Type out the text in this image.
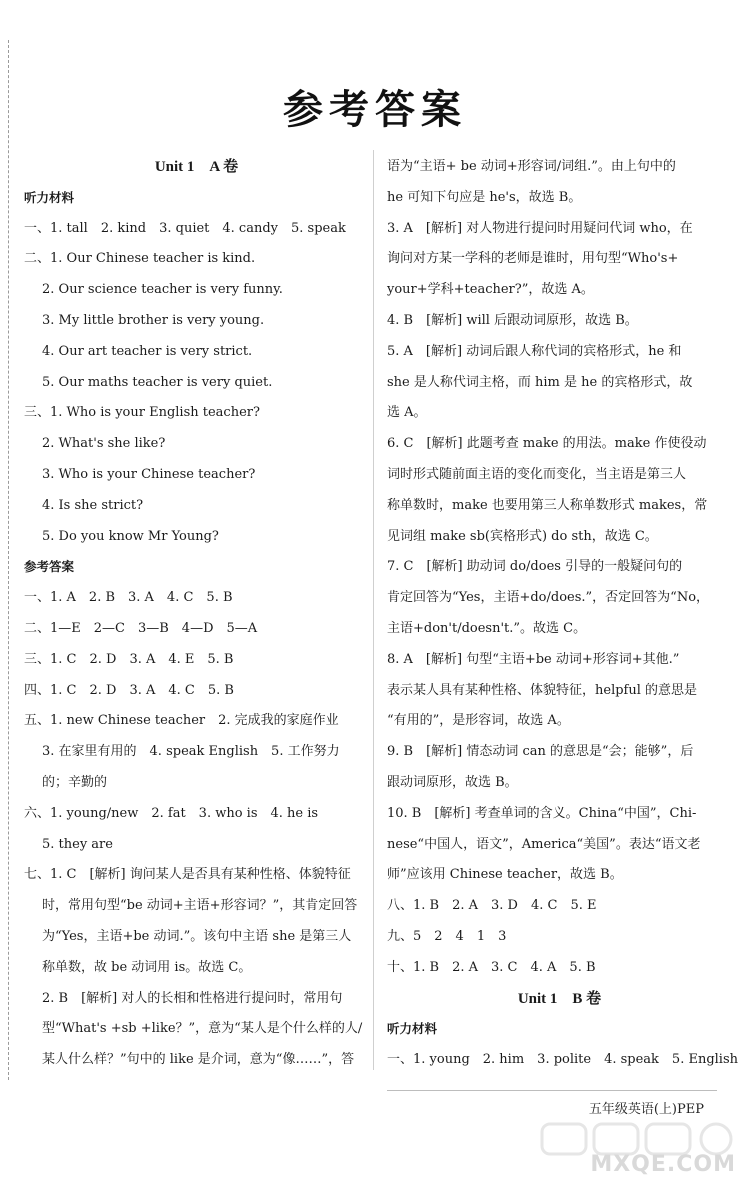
参考答案
Unit 1　A 卷
听力材料
一、1. tall　2. kind　3. quiet　4. candy　5. speak
二、1. Our Chinese teacher is kind.
2. Our science teacher is very funny.
3. My little brother is very young.
4. Our art teacher is very strict.
5. Our maths teacher is very quiet.
三、1. Who is your English teacher?
2. What's she like?
3. Who is your Chinese teacher?
4. Is she strict?
5. Do you know Mr Young?
参考答案
一、1. A　2. B　3. A　4. C　5. B
二、1—E　2—C　3—B　4—D　5—A
三、1. C　2. D　3. A　4. E　5. B
四、1. C　2. D　3. A　4. C　5. B
五、1. new Chinese teacher　2. 完成我的家庭作业
3. 在家里有用的　4. speak English　5. 工作努力
的；辛勤的
六、1. young/new　2. fat　3. who is　4. he is
5. they are
七、1. C　[解析] 询问某人是否具有某种性格、体貌特征
时，常用句型“be 动词+主语+形容词？”，其肯定回答
为“Yes，主语+be 动词.”。该句中主语 she 是第三人
称单数，故 be 动词用 is。故选 C。
2. B　[解析] 对人的长相和性格进行提问时，常用句
型“What's +sb +like？”，意为“某人是个什么样的人/
某人什么样？”句中的 like 是介词，意为“像……”，答
语为“主语+ be 动词+形容词/词组.”。由上句中的
he 可知下句应是 he's，故选 B。
3. A　[解析] 对人物进行提问时用疑问代词 who，在
询问对方某一学科的老师是谁时，用句型“Who's+
your+学科+teacher?”，故选 A。
4. B　[解析] will 后跟动词原形，故选 B。
5. A　[解析] 动词后跟人称代词的宾格形式，he 和
she 是人称代词主格，而 him 是 he 的宾格形式，故
选 A。
6. C　[解析] 此题考查 make 的用法。make 作使役动
词时形式随前面主语的变化而变化，当主语是第三人
称单数时，make 也要用第三人称单数形式 makes，常
见词组 make sb(宾格形式) do sth，故选 C。
7. C　[解析] 助动词 do/does 引导的一般疑问句的
肯定回答为“Yes，主语+do/does.”，否定回答为“No，
主语+don't/doesn't.”。故选 C。
8. A　[解析] 句型“主语+be 动词+形容词+其他.”
表示某人具有某种性格、体貌特征，helpful 的意思是
“有用的”，是形容词，故选 A。
9. B　[解析] 情态动词 can 的意思是“会；能够”，后
跟动词原形，故选 B。
10. B　[解析] 考查单词的含义。China“中国”，Chi-
nese“中国人，语文”，America“美国”。表达“语文老
师”应该用 Chinese teacher，故选 B。
八、1. B　2. A　3. D　4. C　5. E
九、5　2　4　1　3
十、1. B　2. A　3. C　4. A　5. B
Unit 1　B 卷
听力材料
一、1. young　2. him　3. polite　4. speak　5. English
五年级英语(上)PEP
MXQE.COM
